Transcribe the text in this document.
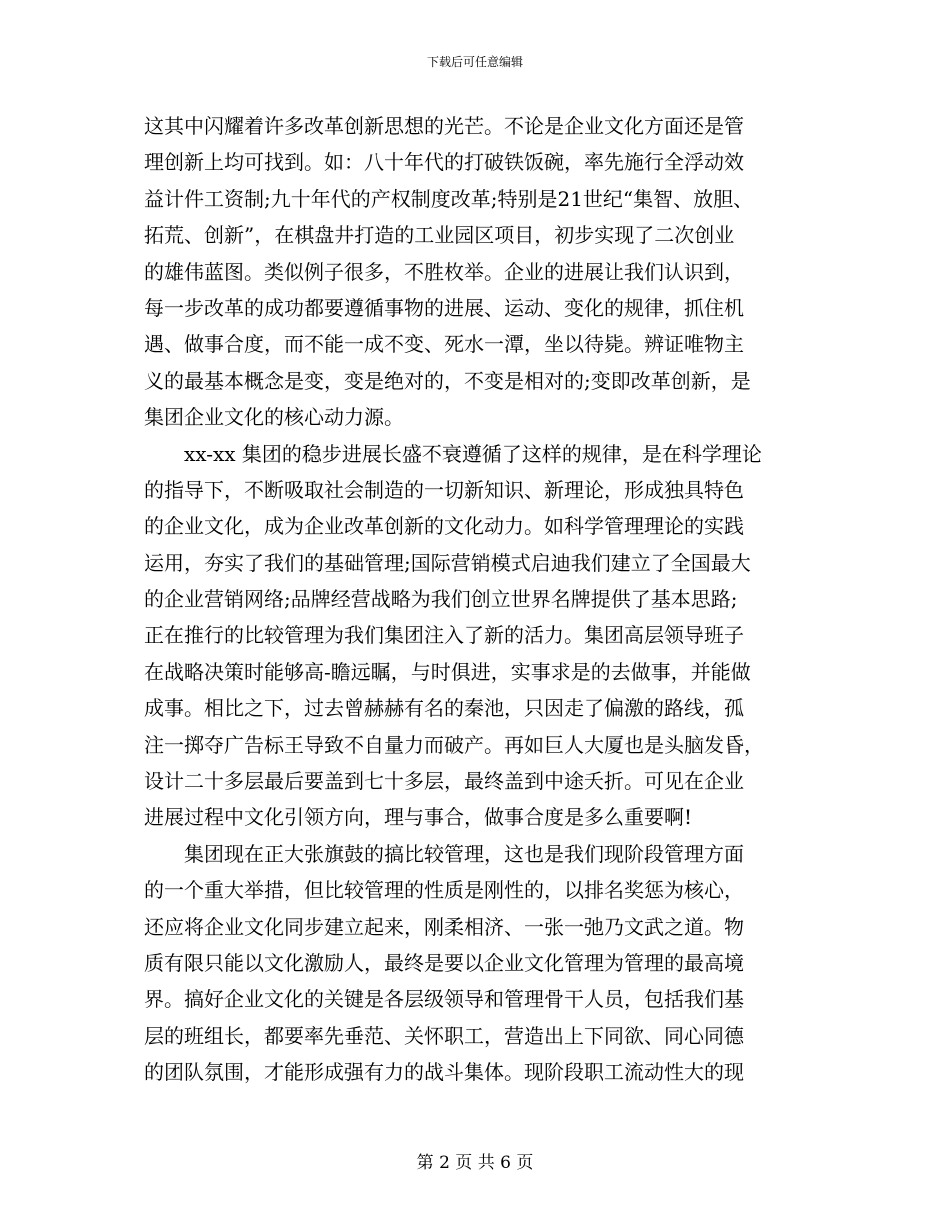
下载后可任意编辑
这其中闪耀着许多改革创新思想的光芒。不论是企业文化方面还是管
理创新上均可找到。如：八十年代的打破铁饭碗，率先施行全浮动效
益计件工资制;九十年代的产权制度改革;特别是21世纪“集智、放胆、
拓荒、创新”，在棋盘井打造的工业园区项目，初步实现了二次创业
的雄伟蓝图。类似例子很多，不胜枚举。企业的进展让我们认识到，
每一步改革的成功都要遵循事物的进展、运动、变化的规律，抓住机
遇、做事合度，而不能一成不变、死水一潭，坐以待毙。辨证唯物主
义的最基本概念是变，变是绝对的，不变是相对的;变即改革创新，是
集团企业文化的核心动力源。
　　xx-xx 集团的稳步进展长盛不衰遵循了这样的规律，是在科学理论
的指导下，不断吸取社会制造的一切新知识、新理论，形成独具特色
的企业文化，成为企业改革创新的文化动力。如科学管理理论的实践
运用，夯实了我们的基础管理;国际营销模式启迪我们建立了全国最大
的企业营销网络;品牌经营战略为我们创立世界名牌提供了基本思路;
正在推行的比较管理为我们集团注入了新的活力。集团高层领导班子
在战略决策时能够高-瞻远瞩，与时俱进，实事求是的去做事，并能做
成事。相比之下，过去曾赫赫有名的秦池，只因走了偏激的路线，孤
注一掷夺广告标王导致不自量力而破产。再如巨人大厦也是头脑发昏，
设计二十多层最后要盖到七十多层，最终盖到中途夭折。可见在企业
进展过程中文化引领方向，理与事合，做事合度是多么重要啊!
　　集团现在正大张旗鼓的搞比较管理，这也是我们现阶段管理方面
的一个重大举措，但比较管理的性质是刚性的，以排名奖惩为核心，
还应将企业文化同步建立起来，刚柔相济、一张一弛乃文武之道。物
质有限只能以文化激励人，最终是要以企业文化管理为管理的最高境
界。搞好企业文化的关键是各层级领导和管理骨干人员，包括我们基
层的班组长，都要率先垂范、关怀职工，营造出上下同欲、同心同德
的团队氛围，才能形成强有力的战斗集体。现阶段职工流动性大的现
第 2 页 共 6 页
